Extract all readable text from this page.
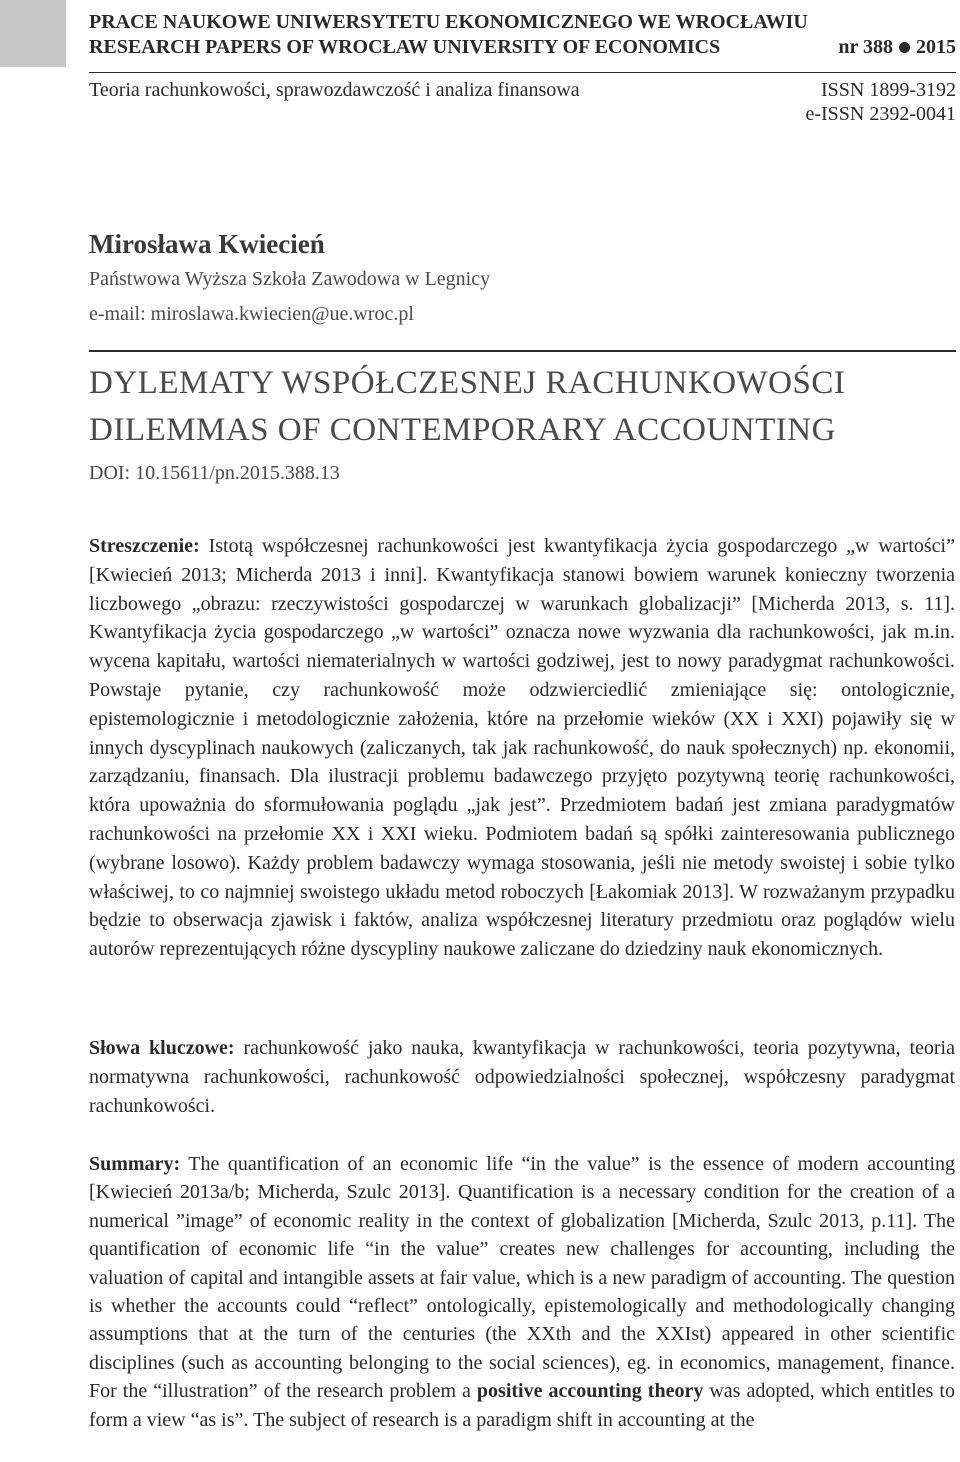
PRACE NAUKOWE UNIWERSYTETU EKONOMICZNEGO WE WROCŁAWIU
RESEARCH PAPERS OF WROCŁAW UNIVERSITY OF ECONOMICS	nr 388 2015
Teoria rachunkowości, sprawozdawczość i analiza finansowa	ISSN 1899-3192
e-ISSN 2392-0041
Mirosława Kwiecień
Państwowa Wyższa Szkoła Zawodowa w Legnicy
e-mail: miroslawa.kwiecien@ue.wroc.pl
DYLEMATY WSPÓŁCZESNEJ RACHUNKOWOŚCI
DILEMMAS OF CONTEMPORARY ACCOUNTING
DOI: 10.15611/pn.2015.388.13
Streszczenie: Istotą współczesnej rachunkowości jest kwantyfikacja życia gospodarczego „w wartości” [Kwiecień 2013; Micherda 2013 i inni]. Kwantyfikacja stanowi bowiem warunek konieczny tworzenia liczbowego „obrazu: rzeczywistości gospodarczej w warunkach globalizacji” [Micherda 2013, s. 11]. Kwantyfikacja życia gospodarczego „w wartości” oznacza nowe wyzwania dla rachunkowości, jak m.in. wycena kapitału, wartości niematerialnych w wartości godziwej, jest to nowy paradygmat rachunkowości. Powstaje pytanie, czy rachunkowość może odzwierciedlić zmieniające się: ontologicznie, epistemologicznie i metodologicznie założenia, które na przełomie wieków (XX i XXI) pojawiły się w innych dyscyplinach naukowych (zaliczanych, tak jak rachunkowość, do nauk społecznych) np. ekonomii, zarządzaniu, finansach. Dla ilustracji problemu badawczego przyjęto pozytywną teorię rachunkowości, która upoważnia do sformułowania poglądu „jak jest”. Przedmiotem badań jest zmiana paradygmatów rachunkowości na przełomie XX i XXI wieku. Podmiotem badań są spółki zainteresowania publicznego (wybrane losowo). Każdy problem badawczy wymaga stosowania, jeśli nie metody swoistej i sobie tylko właściwej, to co najmniej swoistego układu metod roboczych [Łakomiak 2013]. W rozważanym przypadku będzie to obserwacja zjawisk i faktów, analiza współczesnej literatury przedmiotu oraz poglądów wielu autorów reprezentujących różne dyscypliny naukowe zaliczane do dziedziny nauk ekonomicznych.
Słowa kluczowe: rachunkowość jako nauka, kwantyfikacja w rachunkowości, teoria pozytywna, teoria normatywna rachunkowości, rachunkowość odpowiedzialności społecznej, współczesny paradygmat rachunkowości.
Summary: The quantification of an economic life “in the value” is the essence of modern accounting [Kwiecień 2013a/b; Micherda, Szulc 2013]. Quantification is a necessary condition for the creation of a numerical ”image” of economic reality in the context of globalization [Micherda, Szulc 2013, p.11]. The quantification of economic life “in the value” creates new challenges for accounting, including the valuation of capital and intangible assets at fair value, which is a new paradigm of accounting. The question is whether the accounts could “reflect” ontologically, epistemologically and methodologically changing assumptions that at the turn of the centuries (the XXth and the XXIst) appeared in other scientific disciplines (such as accounting belonging to the social sciences), eg. in economics, management, finance. For the “illustration” of the research problem a positive accounting theory was adopted, which entitles to form a view “as is”. The subject of research is a paradigm shift in accounting at the
